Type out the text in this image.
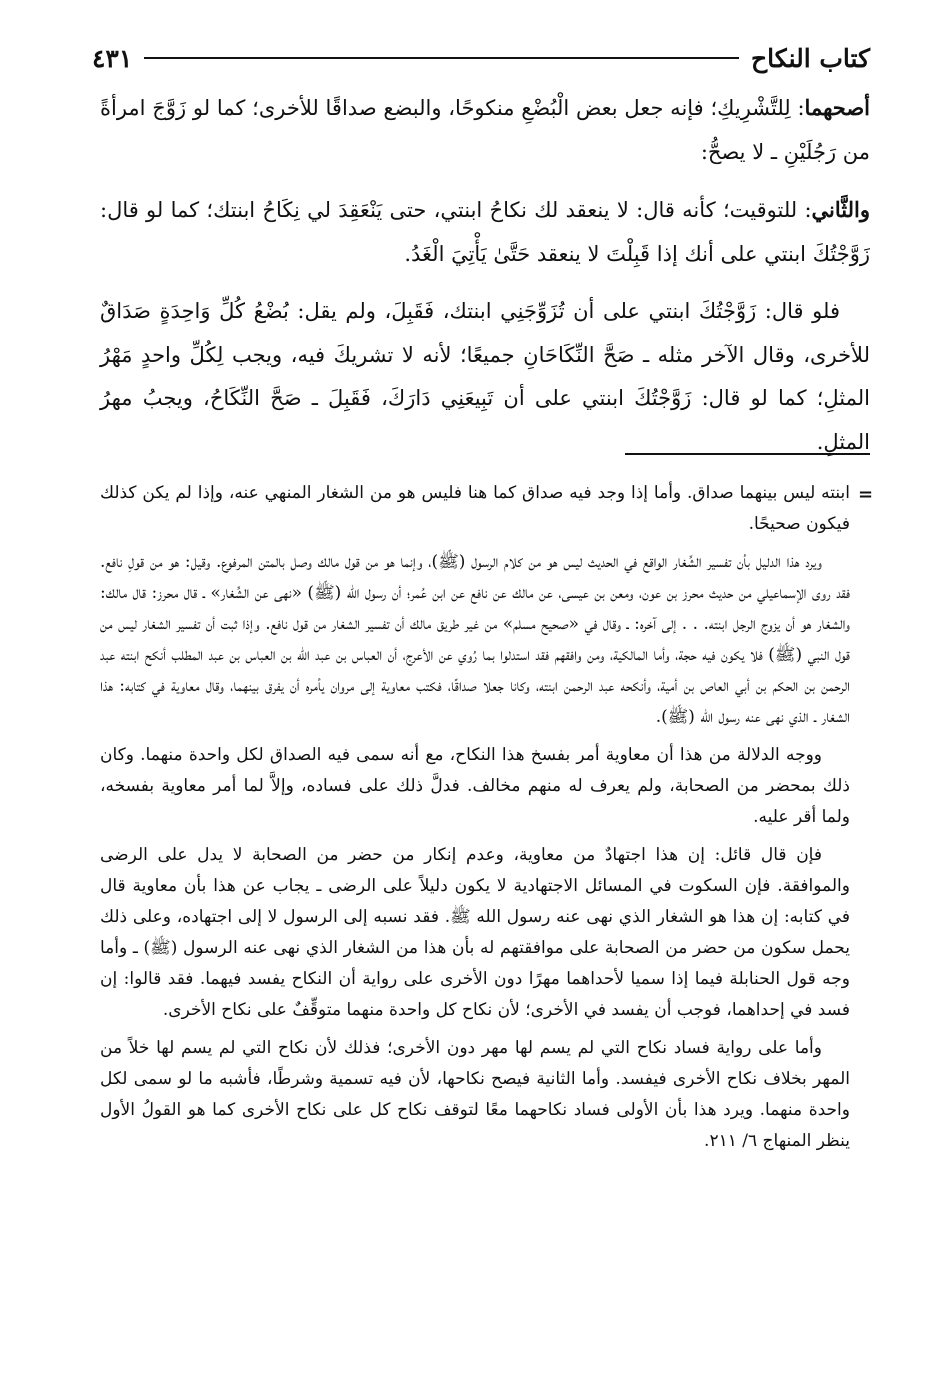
كتاب النكاح
٤٣١

أصحهما: لِلتَّشْرِيكِ؛ فإنه جعل بعض الْبُضْعِ منكوحًا، والبضع صداقًا للأخرى؛ كما لو زَوَّجَ امرأةً من رَجُلَيْنِ ـ لا يصحُّ:

والثَّاني: للتوقيت؛ كأنه قال: لا ينعقد لك نكاحُ ابنتي، حتى يَنْعَقِدَ لي نِكَاحُ ابنتك؛ كما لو قال: زَوَّجْتُكَ ابنتي على أنك إذا قَبِلْتَ لا ينعقد حَتَّىٰ يَأْتِيَ الْغَدُ.

فلو قال: زَوَّجْتُكَ ابنتي على أن تُزَوِّجَنِي ابنتك، فَقَبِلَ، ولم يقل: بُضْعُ كُلِّ وَاحِدَةٍ صَدَاقٌ للأخرى، وقال الآخر مثله ـ صَحَّ النِّكَاحَانِ جميعًا؛ لأنه لا تشريكَ فيه، ويجب لِكُلِّ واحدٍ مَهْرُ المثلِ؛ كما لو قال: زَوَّجْتُكَ ابنتي على أن تَبِيعَنِي دَارَكَ، فَقَبِلَ ـ صَحَّ النِّكَاحُ، ويجبُ مهرُ المثلِ.

=

ابنته ليس بينهما صداق. وأما إذا وجد فيه صداق كما هنا فليس هو من الشغار المنهي عنه، وإذا لم يكن كذلك فيكون صحيحًا.

ويرد هذا الدليل بأن تفسير الشِّغار الواقع في الحديث ليس هو من كلام الرسول (ﷺ)، وإنما هو من قول مالك وصل بالمتن المرفوع. وقيل: هو من قولِ نافع. فقد روى الإسماعيلي من حديث محرز بن عون، ومعن بن عيسى، عن مالك عن نافع عن ابن عُمر؛ أن رسول الله (ﷺ) «نهى عن الشِّغار» ـ قال محرز: قال مالك: والشغار هو أن يزوج الرجل ابنته. . . إلى آخره: ـ وقال في «صحيح مسلم» من غير طريق مالك أن تفسير الشغار من قول نافع. وإذا ثبت أن تفسير الشغار ليس من قول النبي (ﷺ) فلا يكون فيه حجة، وأما المالكية، ومن وافقهم فقد استدلوا بما رُوي عن الأعرج، أن العباس بن عبد الله بن العباس بن عبد المطلب أنكح ابنته عبد الرحمن بن الحكم بن أبي العاص بن أمية، وأنكحه عبد الرحمن ابنته، وكانا جعلا صداقًا، فكتب معاوية إلى مروان يأمره أن يفرق بينهما، وقال معاوية في كتابه: هذا الشغار ـ الذي نهى عنه رسول الله (ﷺ).

ووجه الدلالة من هذا أن معاوية أمر بفسخ هذا النكاح، مع أنه سمى فيه الصداق لكل واحدة منهما. وكان ذلك بمحضر من الصحابة، ولم يعرف له منهم مخالف. فدلَّ ذلك على فساده، وإلاَّ لما أمر معاوية بفسخه، ولما أقر عليه.

فإن قال قائل: إن هذا اجتهادٌ من معاوية، وعدم إنكار من حضر من الصحابة لا يدل على الرضى والموافقة. فإن السكوت في المسائل الاجتهادية لا يكون دليلاً على الرضى ـ يجاب عن هذا بأن معاوية قال في كتابه: إن هذا هو الشغار الذي نهى عنه رسول الله ﷺ. فقد نسبه إلى الرسول لا إلى اجتهاده، وعلى ذلك يحمل سكون من حضر من الصحابة على موافقتهم له بأن هذا من الشغار الذي نهى عنه الرسول (ﷺ) ـ وأما وجه قول الحنابلة فيما إذا سميا لأحداهما مهرًا دون الأخرى على رواية أن النكاح يفسد فيهما. فقد قالوا: إن فسد في إحداهما، فوجب أن يفسد في الأخرى؛ لأن نكاح كل واحدة منهما متوقِّفٌ على نكاح الأخرى.

وأما على رواية فساد نكاح التي لم يسم لها مهر دون الأخرى؛ فذلك لأن نكاح التي لم يسم لها خلاً من المهر بخلاف نكاح الأخرى فيفسد. وأما الثانية فيصح نكاحها، لأن فيه تسمية وشرطًا، فأشبه ما لو سمى لكل واحدة منهما. ويرد هذا بأن الأولى فساد نكاحهما معًا لتوقف نكاح كل على نكاح الأخرى كما هو القولُ الأول ينظر المنهاج ٦/ ٢١١.
